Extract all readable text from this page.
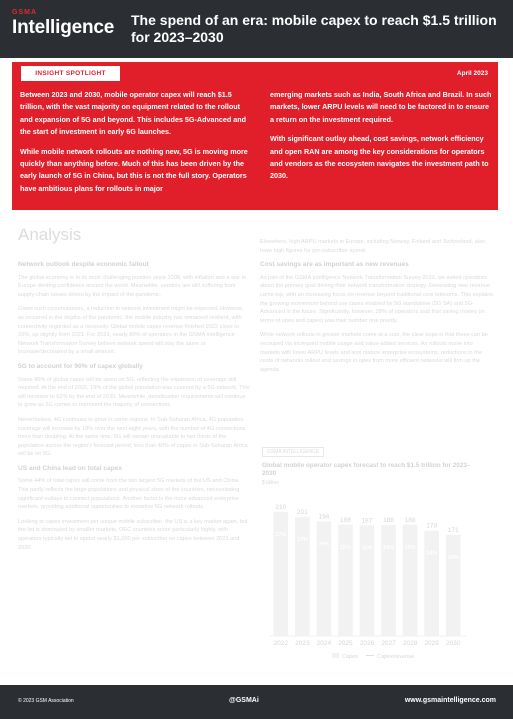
GSMA
Intelligence The spend of an era: mobile capex to reach $1.5 trillion for 2023–2030
INSIGHT SPOTLIGHT	April 2023

Between 2023 and 2030, mobile operator capex will reach $1.5 trillion, with the vast majority on equipment related to the rollout and expansion of 5G and beyond. This includes 5G-Advanced and the start of investment in early 6G launches.

While mobile network rollouts are nothing new, 5G is moving more quickly than anything before. Much of this has been driven by the early launch of 5G in China, but this is not the full story. Operators have ambitious plans for rollouts in major

emerging markets such as India, South Africa and Brazil. In such markets, lower ARPU levels will need to be factored in to ensure a return on the investment required.

With significant outlay ahead, cost savings, network efficiency and open RAN are among the key considerations for operators and vendors as the ecosystem navigates the investment path to 2030.

Analysis
Network outlook despite economic fallout

The global economy is in its most challenging position since 2008, with inflation and a war in Europe denting confidence around the world. Meanwhile, vendors are still suffering from supply-chain issues driven by the impact of the pandemic.

Given such circumstances, a reduction in network investment might be expected. However, as occurred in the depths of the pandemic, the mobile industry has remained resilient, with connectivity regarded as a necessity. Global mobile capex revenue finished 2022 close to 20%, up slightly from 2021. For 2023, nearly 80% of operators in the GSMA Intelligence Network Transformation Survey believe network spend will stay the same or increase/decreased by a small amount.

5G to account for 90% of capex globally

Some 90% of global capex will be spent on 5G, reflecting the expansion of coverage still required. At the end of 2022, 19% of the global population was covered by a 5G network. This will increase to 62% by the end of 2030. Meanwhile, densification requirements will continue to grow as 5G comes to represent the majority of connections.

Nevertheless, 4G continues to grow in some regions. In Sub-Saharan Africa, 4G population coverage will increase by 18% over the next eight years, with the number of 4G connections more than doubling. At the same time, 5G will remain unavailable to two thirds of the population across the region's forecast period; less than 40% of capex in Sub-Saharan Africa will be on 5G.

US and China lead on total capex

Some 44% of total capex will come from the two largest 5G markets of the US and China. This partly reflects the large populations and physical sizes of the countries, necessitating significant outlays to connect populations. Another factor is the more advanced enterprise markets, providing additional opportunities to monetise 5G network rollouts.

Looking at capex investment per unique mobile subscriber, the US is a key market again, but the list is dominated by smaller markets. OEC countries score particularly highly, with operators typically set to spend nearly $1,000 per subscriber on capex between 2023 and 2030.

Elsewhere, high ARPU markets in Europe, including Norway, Finland and Switzerland, also have high figures for per-subscriber spend.

Cost savings are as important as new revenues

As part of the GSMA Intelligence Network Transformation Survey 2022, we asked operators about the primary goal driving their network transformation strategy. Generating new revenue came top, with an increasing focus on revenue beyond traditional core telecoms. This explains the growing momentum behind use cases enabled by 5G standalone (5G SA) and 5G-Advanced in the future. Significantly, however, 28% of operators said that saving money (in terms of opex and capex) was their number one priority.

While network rollouts in greater markets come at a cost, the clear hope is that these can be recouped via increased mobile usage and value-added services. As rollouts move into markets with lower ARPU levels and less mature enterprise ecosystems, reductions in the costs of networks rollout and savings in opex from more efficient networks will firm up the agenda.

GSMA INTELLIGENCE
Global mobile operator capex forecast to reach $1.5 trillion for 2023–2030
$ billion
210
17%
2022
201
17%
2023
194
16%
2024
188
15%
2025
187
15%
2026
188
15%
2027
188
15%
2028
178
14%
2029
171
14%
2030
Capex	Capex/revenue
© 2023 GSM Association	@GSMAi	www.gsmaintelligence.com
